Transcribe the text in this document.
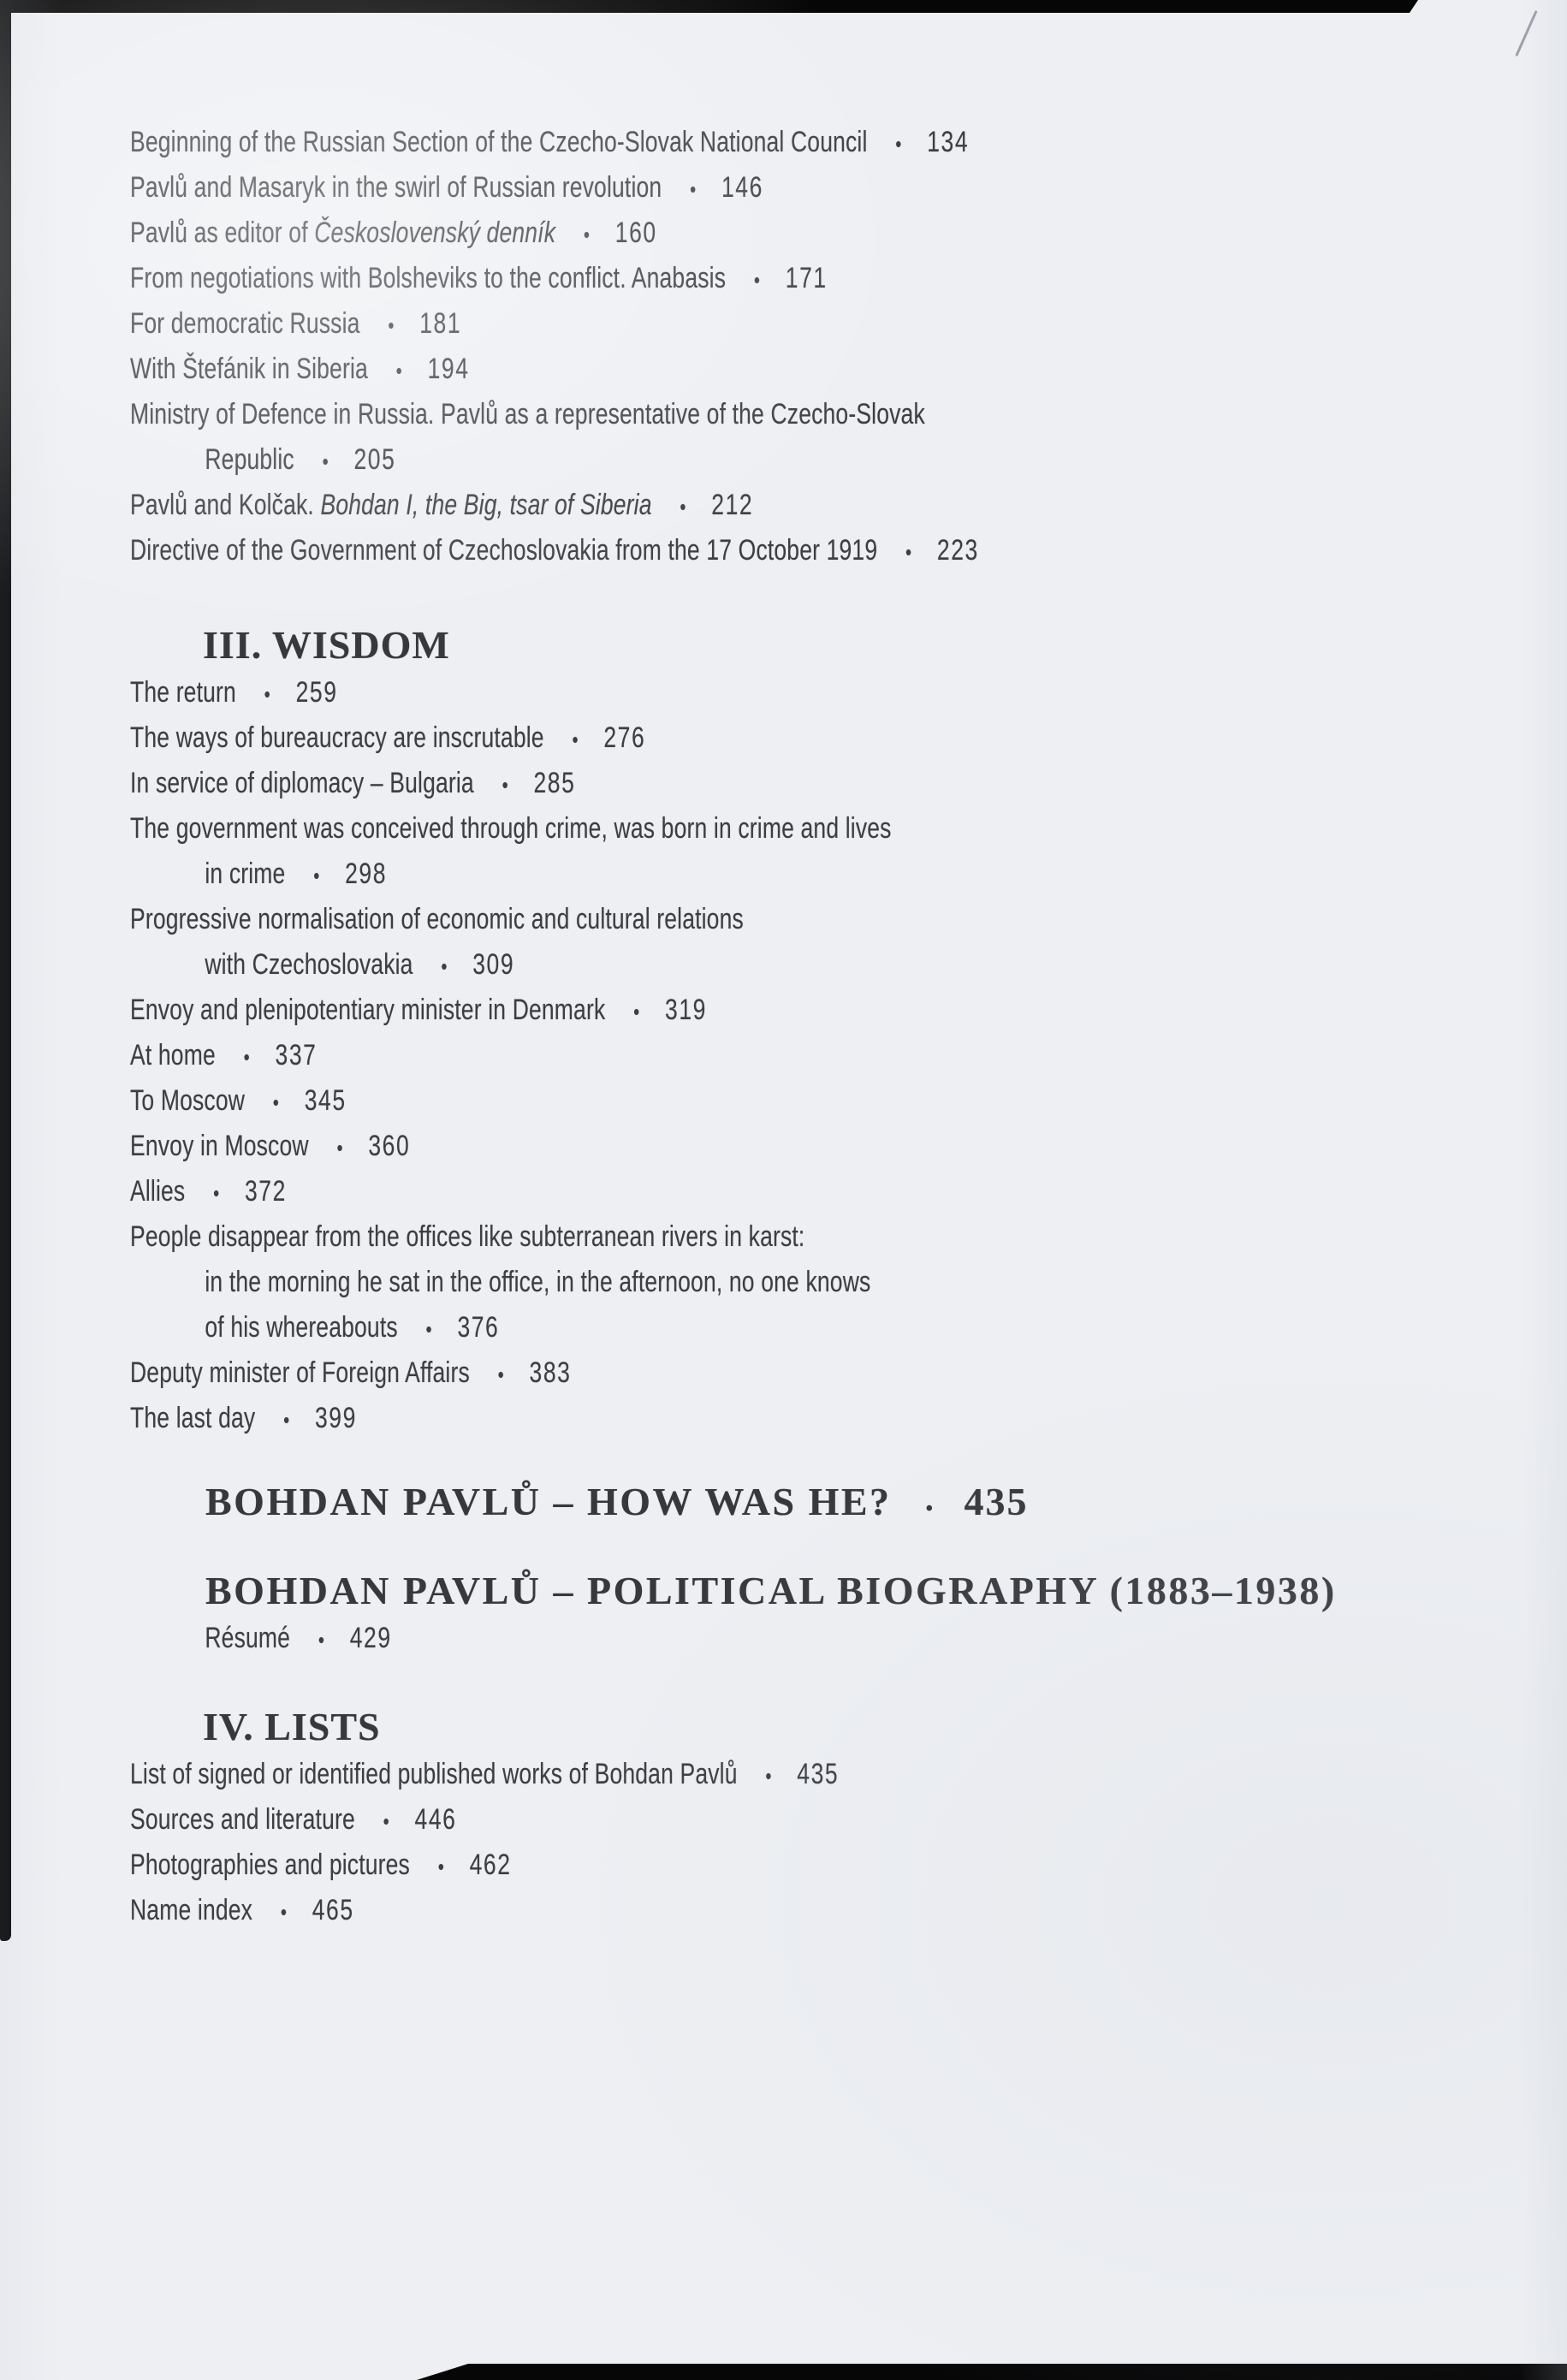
Beginning of the Russian Section of the Czecho-Slovak National Council • 134
Pavlů and Masaryk in the swirl of Russian revolution • 146
Pavlů as editor of Československý denník • 160
From negotiations with Bolsheviks to the conflict. Anabasis • 171
For democratic Russia • 181
With Štefánik in Siberia • 194
Ministry of Defence in Russia. Pavlů as a representative of the Czecho-Slovak
Republic • 205
Pavlů and Kolčak. Bohdan I, the Big, tsar of Siberia • 212
Directive of the Government of Czechoslovakia from the 17 October 1919 • 223
III. WISDOM
The return • 259
The ways of bureaucracy are inscrutable • 276
In service of diplomacy – Bulgaria • 285
The government was conceived through crime, was born in crime and lives
in crime • 298
Progressive normalisation of economic and cultural relations
with Czechoslovakia • 309
Envoy and plenipotentiary minister in Denmark • 319
At home • 337
To Moscow • 345
Envoy in Moscow • 360
Allies • 372
People disappear from the offices like subterranean rivers in karst:
in the morning he sat in the office, in the afternoon, no one knows
of his whereabouts • 376
Deputy minister of Foreign Affairs • 383
The last day • 399
BOHDAN PAVLŮ – HOW WAS HE? • 435
BOHDAN PAVLŮ – POLITICAL BIOGRAPHY (1883–1938)
Résumé • 429
IV. LISTS
List of signed or identified published works of Bohdan Pavlů • 435
Sources and literature • 446
Photographies and pictures • 462
Name index • 465
